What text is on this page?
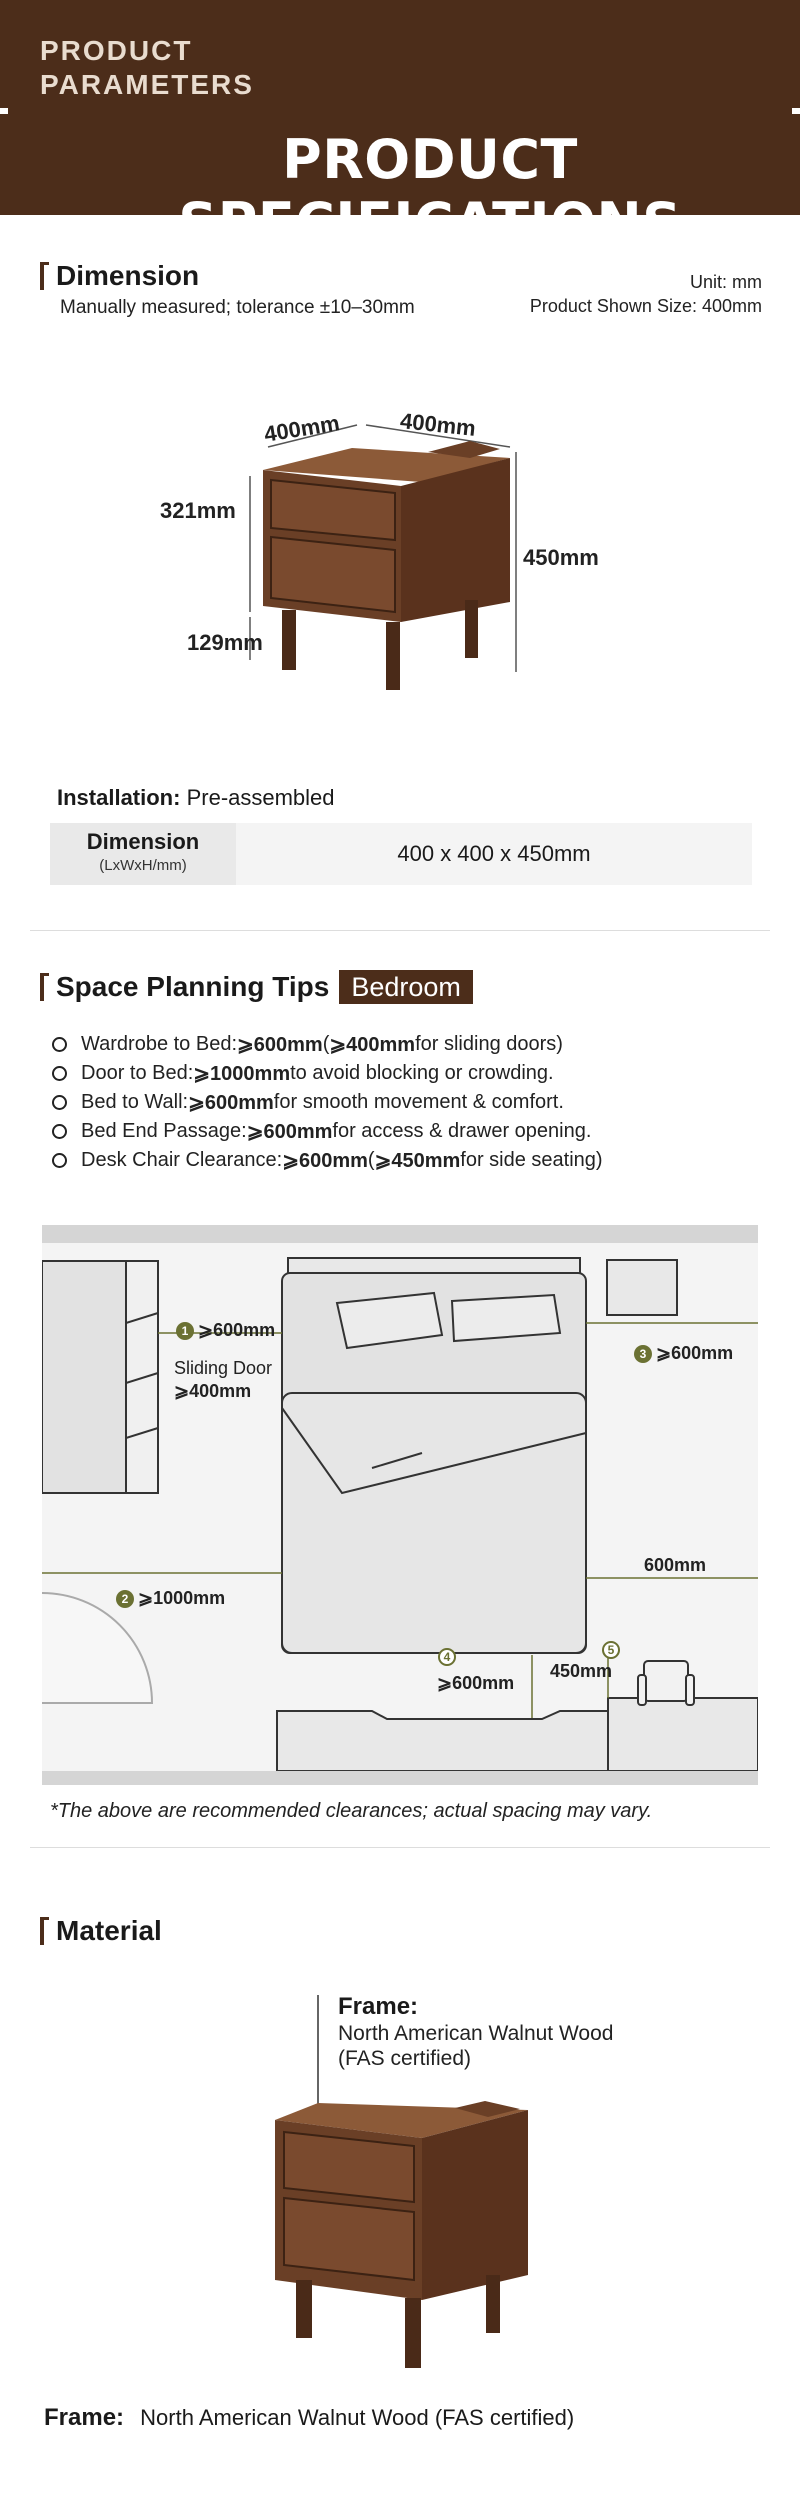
PRODUCT
PARAMETERS
PRODUCT SPECIFICATIONS
Dimension
Manually measured; tolerance ±10–30mm
Unit: mm
Product Shown Size: 400mm
400mm	400mm
321mm
450mm
129mm
Installation: Pre-assembled
Dimension
(LxWxH/mm)	400 x 400 x 450mm
Space Planning Tips Bedroom
Wardrobe to Bed: ⩾600mm ( ⩾400mm for sliding doors)
Door to Bed: ⩾1000mm to avoid blocking or crowding.
Bed to Wall: ⩾600mm for smooth movement & comfort.
Bed End Passage: ⩾600mm for access & drawer opening.
Desk Chair Clearance: ⩾600mm ( ⩾450mm for side seating)
1 ⩾600mm
Sliding Door
⩾400mm
2 ⩾1000mm
3 ⩾600mm
600mm
4
⩾600mm
5
450mm
*The above are recommended clearances; actual spacing may vary.
Material
Frame:
North American Walnut Wood
(FAS certified)
Frame: North American Walnut Wood (FAS certified)
